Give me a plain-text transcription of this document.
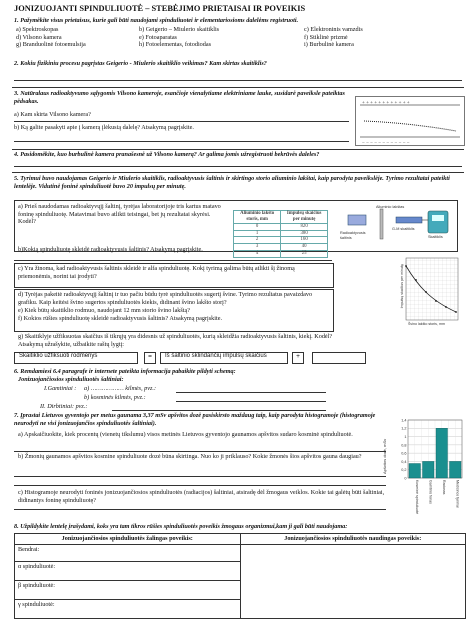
JONIZUOJANTI SPINDULIUOTĖ – STEBĖJIMO PRIETAISAI IR POVEIKIS
1. Pažymėkite visus prietaisus, kurie gali būti naudojami spinduliuotei ir elementariosioms dalelėms registruoti.
a) Spektroskopas	b) Geigerio – Miulerio skaitiklis	c) Elektroninis vamzdis
d) Vilsono kamera	e) Fotoaparatas	f) Stiklinė prizmė
g) Branduolinė fotoemulsija	h) Fotoelementas, fotodiodas	i) Burbulinė kamera
2. Kokiu fizikiniu procesu pagrįstas Geigerio - Miulerio skaitiklio veikimas? Kam skirtas skaitiklis?
3. Natūralaus radioaktyvumo sąlygomis Vilsono kameroje, esančioje vienalytiame elektriniame lauke, susidarė paveiksle pateiktas pėdsakas.
a) Kam skirta Vilsono kamera?
b) Ką galite pasakyti apie į kamerą įlėkusią dalelę? Atsakymą pagrįskite.
+ + + + + + + + + + + +
− − − − − − − − − − − −
4. Pasidomėkite, kuo burbulinė kamera pranašesnė už Vilsono kamerą? Ar galima jomis užregistruoti bekrūvės daleles?
5. Tyrimui buvo naudojamas Geigerio ir Miulerio skaitiklis, radioaktyvusis šaltinis ir skirtingo storio aliuminio lakštai, kaip parodyta paveikslėje. Tyrimo rezultatai pateikti lentelėje. Vidutinė foninė spinduliuotė buvo 20 impulsų per minutę.
a) Prieš naudodamas radioaktyvųjį šaltinį, tyrėjas laboratorijoje tris kartus matavo foninę spinduliuotę. Matavimai buvo atlikti teisingai, bet jų rezultatai skyrėsi. Kodėl?
Aliuminio lakšto storis, mm	Impulsų skaičius per minutę
0	820
1	380
2	160
3	40
4	25
Aliuminio lakštas
Radioaktyvusis šaltinis
G-M skaitiklis
Skaitiklis
b)Kokią spinduliuotę skleidė radioaktyvusis šaltinis? Atsakymą pagrįskite.
c) Yra žinoma, kad radioaktyvusis šaltinis skleidė ir alfa spinduliuotę. Kokį tyrimą galima būtų atlikti šį žinomą priemonėmis, norint tai įrodyti?
d) Tyrėjas pakeitė radioaktyvųjį šaltinį ir tuo pačiu būdu tyrė spinduliuotės sugertį švine. Tyrimo rezultatus pavaizdavo grafiku. Kaip keitėsi švino sugertos spinduliuotės kiekis, didinant švino lakšto storį?
e) Kiek būtų skaitiklio rodmuo, naudojant 12 mm storio švino lakštą?
f) Kokios rūšies spinduliuotę skleidė radioaktyvusis šaltinis? Atsakymą pagrįskite.
Impulsų skaičius per minutę
Švino lakšto storis, mm
g) Skaitiklyje užfiksuotas skaičius iš tikrųjų yra didesnis už spinduliuotės, kurią skleidžia radioaktyvusis šaltinis, kiekį. Kodėl? Atsakymą užrašykite, užbaikite raštų lygtį:
Skaitiklio užfiksuoti rodmenys	=	Iš šaltinio sklindančių impulsų skaičius	+
6. Remdamiesi 6.4 paragrafe ir internete pateikta informacija pabaikite pildyti schemą:
Jonizuojančiosios spinduliuotės šaltiniai:
I.Gamtiniai : a) ……………… kilmės, pvz.:
b) kosminės kilmės, pvz.:
II. Dirbtiniai: pvz.:
7. Įprastai Lietuvos gyventojo per metus gaunama 3,37 mSv apšvitos dozė pasiskirsto maždaug taip, kaip parodyta histogramoje (histogramoje neurodyti ne visi jonizuojančios spinduliuotės šaltiniai).
a) Apskaičiuokite, kiek procentų (vienetų tikslumu) visos metinės Lietuvos gyventojo gaunamos apšvitos sudaro kosminė spinduliuotė.
b) Žmonių gaunamos apšvitos kosmine spinduliuote dozė būna skirtinga. Nuo ko ji priklauso? Kokie žmonės šios apšvitos gauna daugiau?
c) Histogramoje neurodyti foninės jonizuojančiosios spinduliuotės (radiacijos) šaltiniai, atsiradę dėl žmogaus veiklos. Kokie tai galėtų būti šaltiniai, didinantys foninę spinduliuotę?
1,4
1,2
1
0,8
0,6
0,4
0,2
0
Kosminė spinduliuotė	Gamtinis fonas	Radonas	Medicinos tyrimai
Apšvitos dozė, mSv
8. Užpildykite lentelę įrašydami, koks yra tam tikros rūšies spinduliuotės poveikis žmogaus organizmui,kam ji gali būti naudojama:
Jonizuojančiosios spinduliuotės žalingas poveikis:	Jonizuojančiosios spinduliuotės naudingas poveikis:
Bendrai:	
α spinduliuotė:	
β spinduliuotė:	
γ spinduliuotė:	
